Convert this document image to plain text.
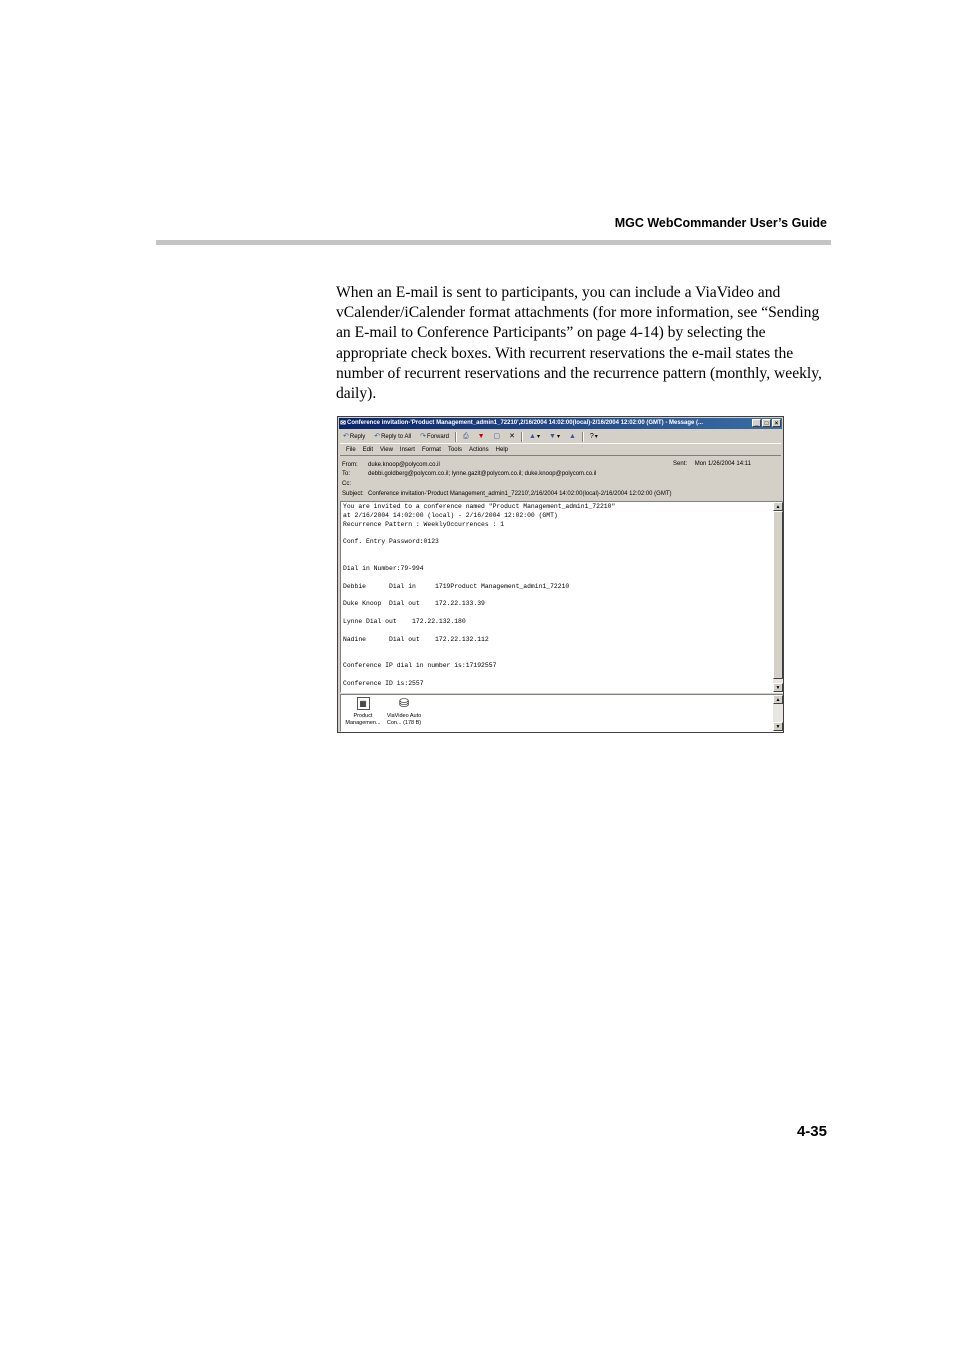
MGC WebCommander User’s Guide

When an E-mail is sent to participants, you can include a ViaVideo and vCalender/iCalender format attachments (for more information, see “Sending an E-mail to Conference Participants” on page 4-14) by selecting the appropriate check boxes. With recurrent reservations the e-mail states the number of recurrent reservations and the recurrence pattern (monthly, weekly, daily).

✉Conference invitation-'Product Management_admin1_72210',2/16/2004 14:02:00(local)-2/16/2004 12:02:00 (GMT) - Message (...	_	□	×
↶ Reply ↶ Reply to All ↷ Forward ⎙ ▼ ▢ ✕ ▲ ▾ ▼ ▾ ▲ ? ▾
File Edit View Insert Format Tools Actions Help
From:	duke.knoop@polycom.co.il	Sent: Mon 1/26/2004 14:11
To:	debbi.goldberg@polycom.co.il; lynne.gazit@polycom.co.il; duke.knoop@polycom.co.il
Cc:
Subject: Conference invitation-'Product Management_admin1_72210',2/16/2004 14:02:00(local)-2/16/2004 12:02:00 (GMT)
You are invited to a conference named "Product Management_admin1_72210"
at 2/16/2004 14:02:00 (local) - 2/16/2004 12:02:00 (GMT)
Recurrence Pattern : WeeklyOccurrences : 1

Conf. Entry Password:0123

Dial in Number:79-994

Debbie      Dial in     1719Product Management_admin1_72210

Duke Knoop  Dial out    172.22.133.39

Lynne Dial out    172.22.132.180

Nadine      Dial out    172.22.132.112

Conference IP dial in number is:17192557

Conference ID is:2557
▲
▼
▦
Product
Managemen...
⛁
ViaVideo Auto
Con... (178 B)
▲
▼
4-35
